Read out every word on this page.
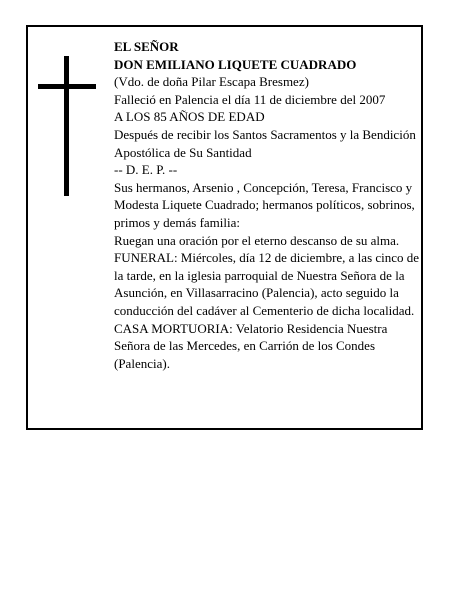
EL SEÑOR
DON EMILIANO LIQUETE CUADRADO
(Vdo. de doña Pilar Escapa Bresmez)
Falleció en Palencia el día 11 de diciembre del 2007
A LOS 85 AÑOS DE EDAD
Después de recibir los Santos Sacramentos y la Bendición Apostólica de Su Santidad
-- D. E. P. --
Sus hermanos, Arsenio , Concepción, Teresa, Francisco y Modesta Liquete Cuadrado; hermanos políticos, sobrinos, primos y demás familia:
Ruegan una oración por el eterno descanso de su alma.
FUNERAL: Miércoles, día 12 de diciembre, a las cinco de la tarde, en la iglesia parroquial de Nuestra Señora de la Asunción, en Villasarracino (Palencia), acto seguido la conducción del cadáver al Cementerio de dicha localidad.
CASA MORTUORIA: Velatorio Residencia Nuestra Señora de las Mercedes, en Carrión de los Condes (Palencia).
